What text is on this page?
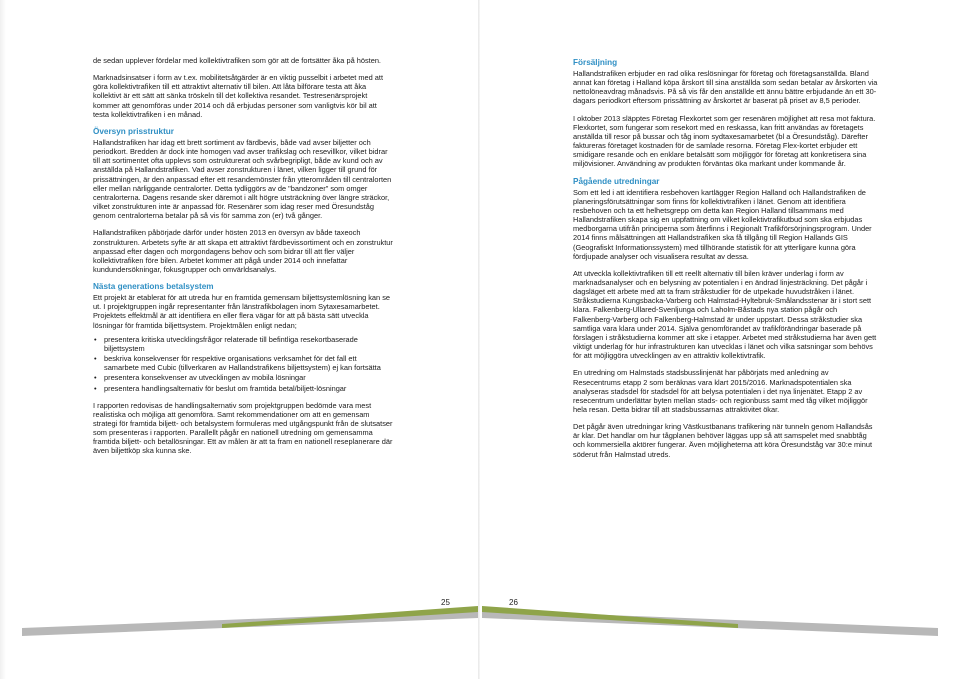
de sedan upplever fördelar med kollektivtrafiken som gör att de fortsätter åka på hösten.

Marknadsinsatser i form av t.ex. mobilitetsåtgärder är en viktig pusselbit i arbetet med att göra kollektivtrafiken till ett attraktivt alternativ till bilen. Att låta bilförare testa att åka kollektivt är ett sätt att sänka tröskeln till det kollektiva resandet. Testresenärsprojekt kommer att genomföras under 2014 och då erbjudas personer som vanligtvis kör bil att testa kollektivtrafiken i en månad.

Översyn prisstruktur

Hallandstrafiken har idag ett brett sortiment av färdbevis, både vad avser biljetter och periodkort. Bredden är dock inte homogen vad avser trafikslag och resevillkor, vilket bidrar till att sortimentet ofta upplevs som ostrukturerat och svårbegripligt, både av kund och av anställda på Hallandstrafiken. Vad avser zonstrukturen i länet, vilken ligger till grund för prissättningen, är den anpassad efter ett resandemönster från ytterområden till centralorten eller mellan närliggande centralorter. Detta tydliggörs av de "bandzoner" som omger centralorterna. Dagens resande sker däremot i allt högre utsträckning över längre sträckor, vilket zonstrukturen inte är anpassad för. Resenärer som idag reser med Öresundståg genom centralorterna betalar på så vis för samma zon (er) två gånger.

Hallandstrafiken påbörjade därför under hösten 2013 en översyn av både taxeoch zonstrukturen. Arbetets syfte är att skapa ett attraktivt färdbevissortiment och en zonstruktur anpassad efter dagen och morgondagens behov och som bidrar till att fler väljer kollektivtrafiken före bilen. Arbetet kommer att pågå under 2014 och innefattar kundundersökningar, fokusgrupper och omvärldsanalys.

Nästa generations betalsystem

Ett projekt är etablerat för att utreda hur en framtida gemensam biljettsystemlösning kan se ut. I projektgruppen ingår representanter från länstrafikbolagen inom Sytaxesamarbetet. Projektets effektmål är att identifiera en eller flera vägar för att på bästa sätt utveckla lösningar för framtida biljettsystem. Projektmålen enligt nedan;

• presentera kritiska utvecklingsfrågor relaterade till befintliga resekortbaserade biljettsystem
• beskriva konsekvenser för respektive organisations verksamhet för det fall ett samarbete med Cubic (tillverkaren av Hallandstrafikens biljettsystem) ej kan fortsätta
• presentera konsekvenser av utvecklingen av mobila lösningar
• presentera handlingsalternativ för beslut om framtida betal/biljett-lösningar

I rapporten redovisas de handlingsalternativ som projektgruppen bedömde vara mest realistiska och möjliga att genomföra. Samt rekommendationer om att en gemensam strategi för framtida biljett- och betalsystem formuleras med utgångspunkt från de slutsatser som presenteras i rapporten. Parallellt pågår en nationell utredning om gemensamma framtida biljett- och betallösningar. Ett av målen är att ta fram en nationell reseplanerare där även biljettköp ska kunna ske.

25
Försäljning

Hallandstrafiken erbjuder en rad olika reslösningar för företag och företagsanställda. Bland annat kan företag i Halland köpa årskort till sina anställda som sedan betalar av årskorten via nettolöneavdrag månadsvis. På så vis får den anställde ett ännu bättre erbjudande än ett 30-dagars periodkort eftersom prissättning av årskortet är baserat på priset av 8,5 perioder.

I oktober 2013 släpptes Företag Flexkortet som ger resenären möjlighet att resa mot faktura. Flexkortet, som fungerar som resekort med en reskassa, kan fritt användas av företagets anställda till resor på bussar och tåg inom sydtaxesamarbetet (bl a Öresundståg). Därefter faktureras företaget kostnaden för de samlade resorna. Företag Flex-kortet erbjuder ett smidigare resande och en enklare betalsätt som möjliggör för företag att konkretisera sina miljövisioner. Användning av produkten förväntas öka markant under kommande år.

Pågående utredningar

Som ett led i att identifiera resbehoven kartlägger Region Halland och Hallandstrafiken de planeringsförutsättningar som finns för kollektivtrafiken i länet. Genom att identifiera resbehoven och ta ett helhetsgrepp om detta kan Region Halland tillsammans med Hallandstrafiken skapa sig en uppfattning om vilket kollektivtrafikutbud som ska erbjudas medborgarna utifrån principerna som återfinns i Regionalt Trafikförsörjningsprogram. Under 2014 finns målsättningen att Hallandstrafiken ska få tillgång till Region Hallands GIS (Geografiskt Informationssystem) med tillhörande statistik för att ytterligare kunna göra fördjupade analyser och visualisera resultat av dessa.

Att utveckla kollektivtrafiken till ett reellt alternativ till bilen kräver underlag i form av marknadsanalyser och en belysning av potentialen i en ändrad linjesträckning. Det pågår i dagsläget ett arbete med att ta fram stråkstudier för de utpekade huvudstråken i länet. Stråkstudierna Kungsbacka-Varberg och Halmstad-Hyltebruk-Smålandsstenar är i stort sett klara. Falkenberg-Ullared-Svenljunga och Laholm-Båstads nya station pågår och Falkenberg-Varberg och Falkenberg-Halmstad är under uppstart. Dessa stråkstudier ska samtliga vara klara under 2014. Själva genomförandet av trafikförändringar baserade på förslagen i stråkstudierna kommer att ske i etapper. Arbetet med stråkstudierna har även gett viktigt underlag för hur infrastrukturen kan utvecklas i länet och vilka satsningar som behövs för att möjliggöra utvecklingen av en attraktiv kollektivtrafik.

En utredning om Halmstads stadsbusslinjenät har påbörjats med anledning av Resecentrums etapp 2 som beräknas vara klart 2015/2016. Marknadspotentialen ska analyseras stadsdel för stadsdel för att belysa potentialen i det nya linjenätet. Etapp 2 av resecentrum underlättar byten mellan stads- och regionbuss samt med tåg vilket möjliggör hela resan. Detta bidrar till att stadsbussarnas attraktivitet ökar.

Det pågår även utredningar kring Västkustbanans trafikering när tunneln genom Hallandsås är klar. Det handlar om hur tågplanen behöver läggas upp så att samspelet med snabbtåg och kommersiella aktörer fungerar. Även möjligheterna att köra Öresundståg var 30:e minut söderut från Halmstad utreds.

26
